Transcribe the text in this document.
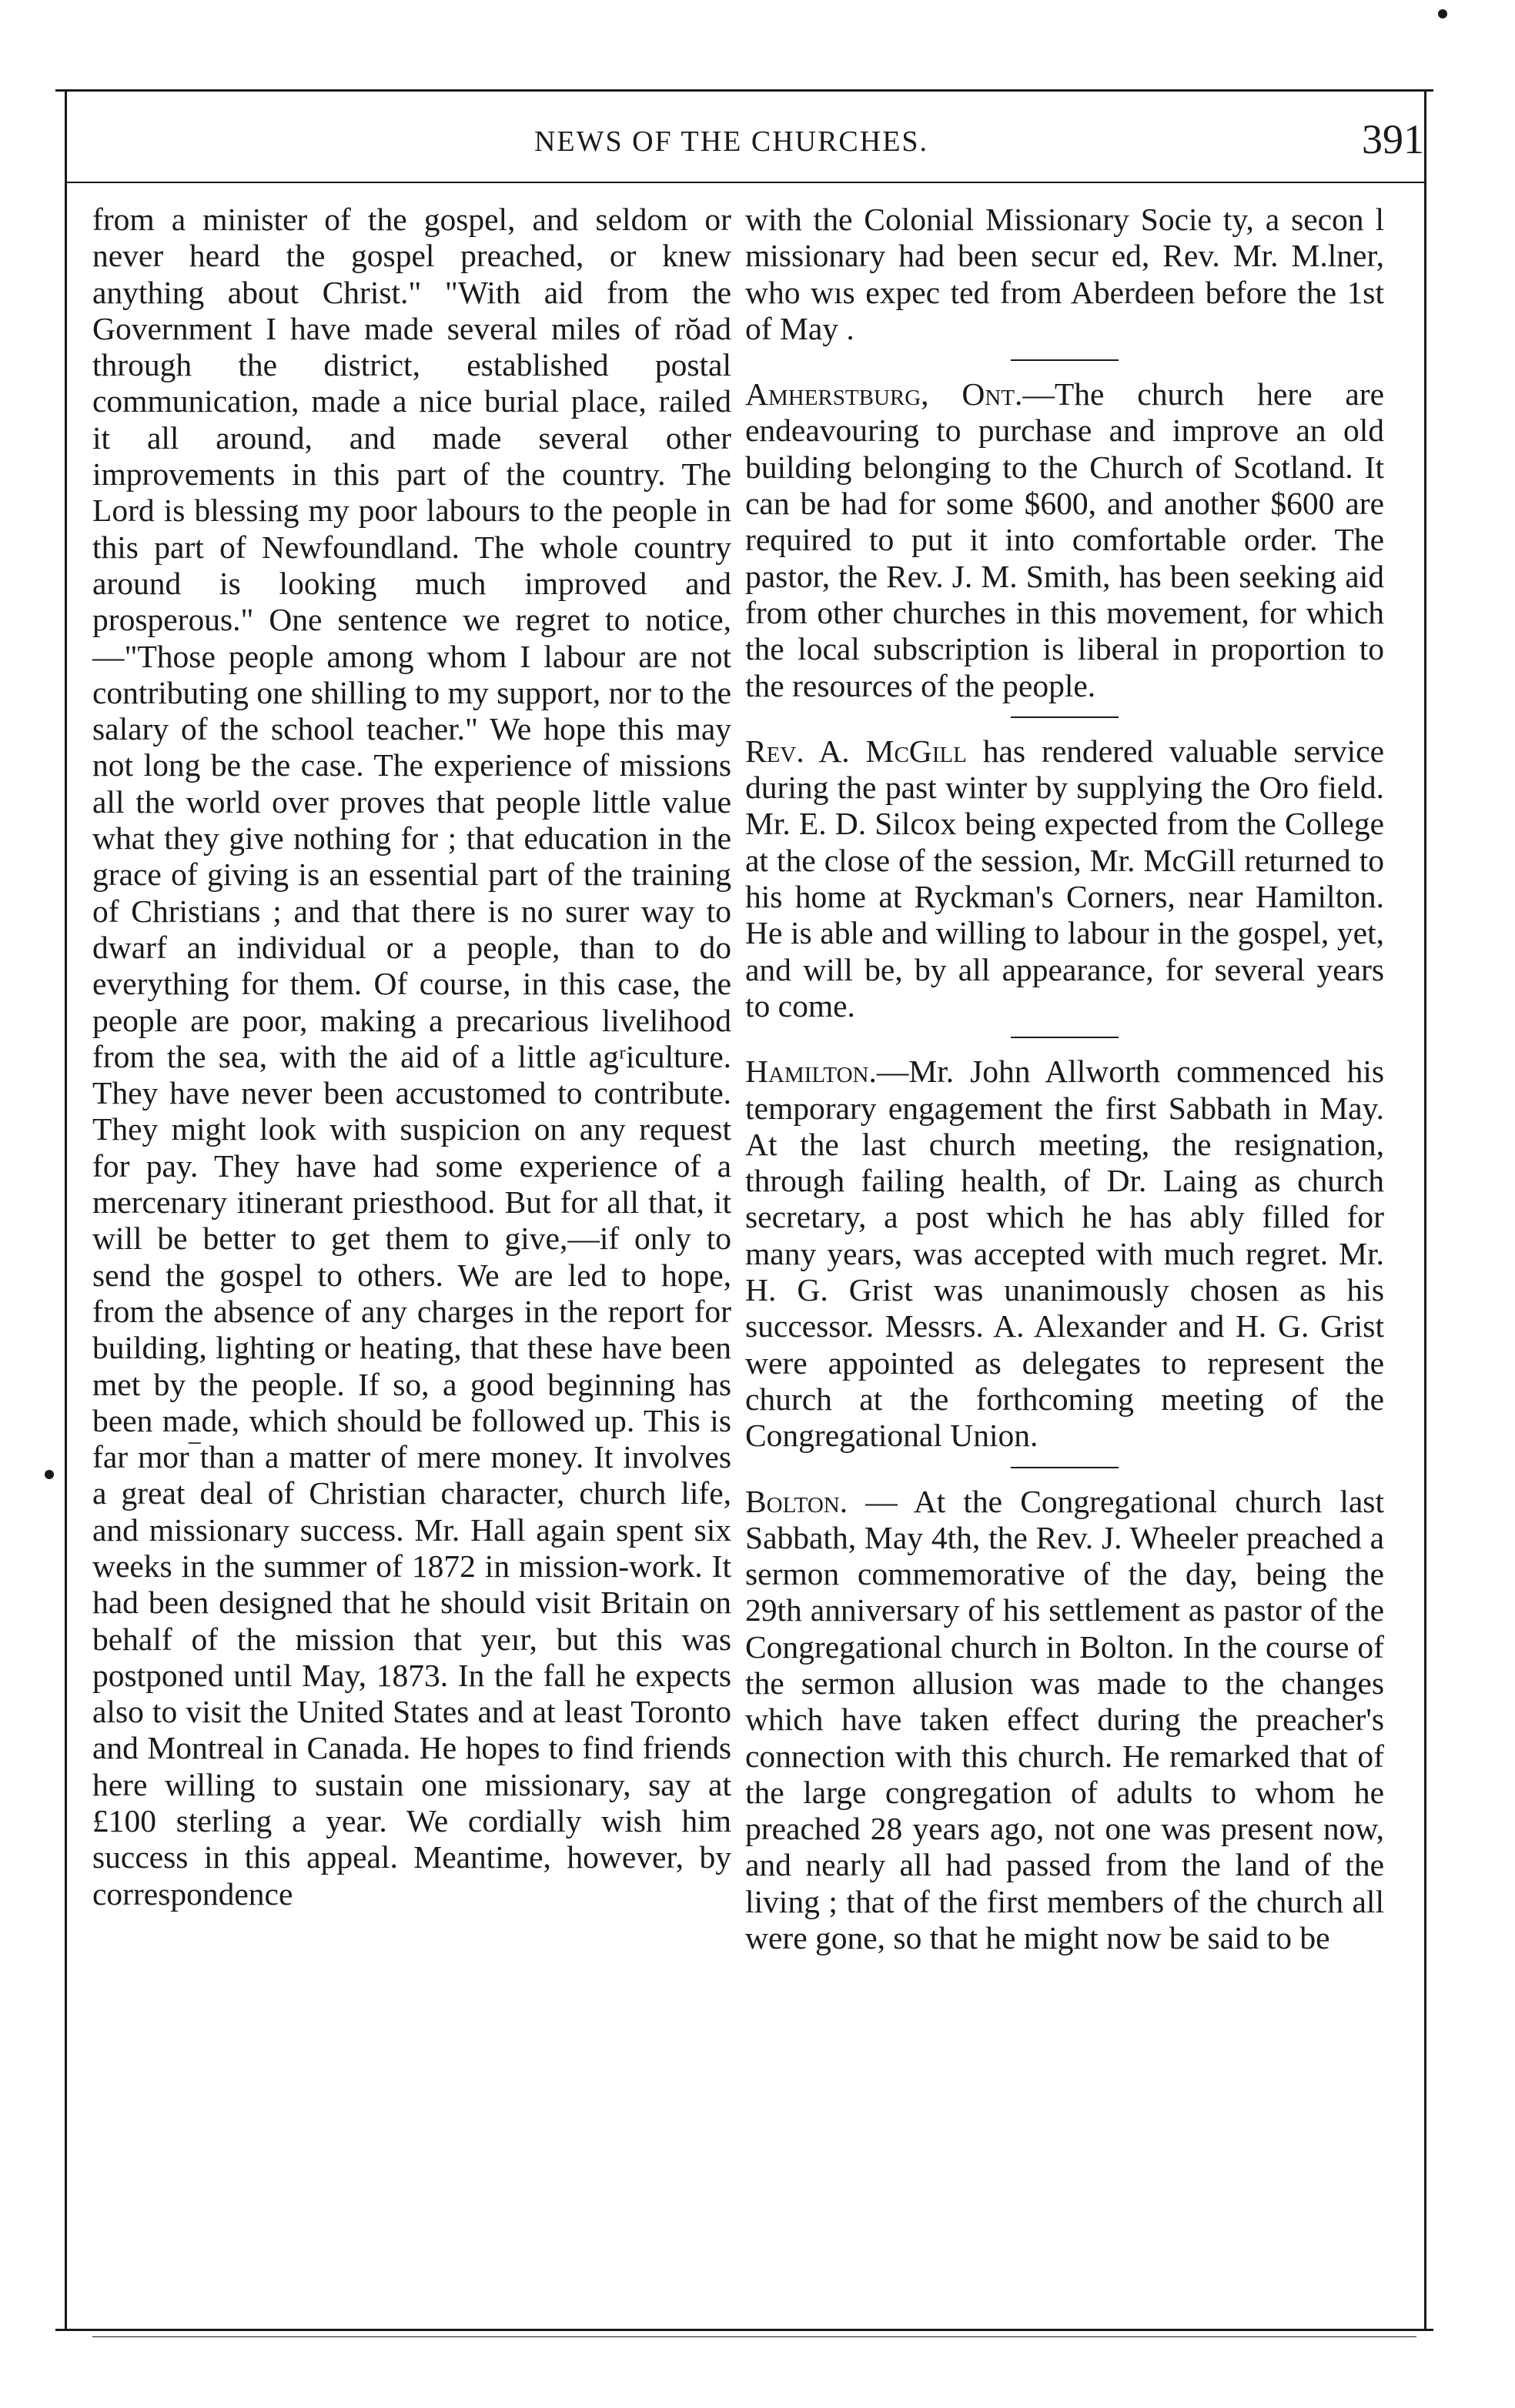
NEWS OF THE CHURCHES.	391

from a minister of the gospel, and seldom or never heard the gospel preached, or knew anything about Christ." "With aid from the Government I have made several miles of rŏad through the district, established postal communication, made a nice burial place, railed it all around, and made several other improvements in this part of the country. The Lord is blessing my poor labours to the people in this part of Newfoundland. The whole country around is looking much improved and prosperous." One sentence we regret to notice,—"Those people among whom I labour are not contributing one shilling to my support, nor to the salary of the school teacher." We hope this may not long be the case. The experience of missions all the world over proves that people little value what they give nothing for ; that education in the grace of giving is an essential part of the training of Christians ; and that there is no surer way to dwarf an individual or a people, than to do everything for them. Of course, in this case, the people are poor, making a precarious livelihood from the sea, with the aid of a little agʳiculture. They have never been accustomed to contribute. They might look with suspicion on any request for pay. They have had some experience of a mercenary itinerant priesthood. But for all that, it will be better to get them to give,—if only to send the gospel to others. We are led to hope, from the absence of any charges in the report for building, lighting or heating, that these have been met by the people. If so, a good beginning has been made, which should be followed up. This is far mor‾than a matter of mere money. It involves a great deal of Christian character, church life, and missionary success. Mr. Hall again spent six weeks in the summer of 1872 in mission-work. It had been designed that he should visit Britain on behalf of the mission that yeır, but this was postponed until May, 1873. In the fall he expects also to visit the United States and at least Toronto and Montreal in Canada. He hopes to find friends here willing to sustain one missionary, say at £100 sterling a year. We cordially wish him success in this appeal. Meantime, however, by correspondence

with the Colonial Missionary Socie ty, a secon l missionary had been secur ed, Rev. Mr. M.lner, who wıs expec ted from Aberdeen before the 1st of May .

Amherstburg, Ont.—The church here are endeavouring to purchase and improve an old building belonging to the Church of Scotland. It can be had for some $600, and another $600 are required to put it into comfortable order. The pastor, the Rev. J. M. Smith, has been seeking aid from other churches in this movement, for which the local subscription is liberal in proportion to the resources of the people.

Rev. A. McGill has rendered valuable service during the past winter by supplying the Oro field. Mr. E. D. Silcox being expected from the College at the close of the session, Mr. McGill returned to his home at Ryckman's Corners, near Hamilton. He is able and willing to labour in the gospel, yet, and will be, by all appearance, for several years to come.

Hamilton.—Mr. John Allworth commenced his temporary engagement the first Sabbath in May. At the last church meeting, the resignation, through failing health, of Dr. Laing as church secretary, a post which he has ably filled for many years, was accepted with much regret. Mr. H. G. Grist was unanimously chosen as his successor. Messrs. A. Alexander and H. G. Grist were appointed as delegates to represent the church at the forthcoming meeting of the Congregational Union.

Bolton. — At the Congregational church last Sabbath, May 4th, the Rev. J. Wheeler preached a sermon commemorative of the day, being the 29th anniversary of his settlement as pastor of the Congregational church in Bolton. In the course of the sermon allusion was made to the changes which have taken effect during the preacher's connection with this church. He remarked that of the large congregation of adults to whom he preached 28 years ago, not one was present now, and nearly all had passed from the land of the living ; that of the first members of the church all were gone, so that he might now be said to be
